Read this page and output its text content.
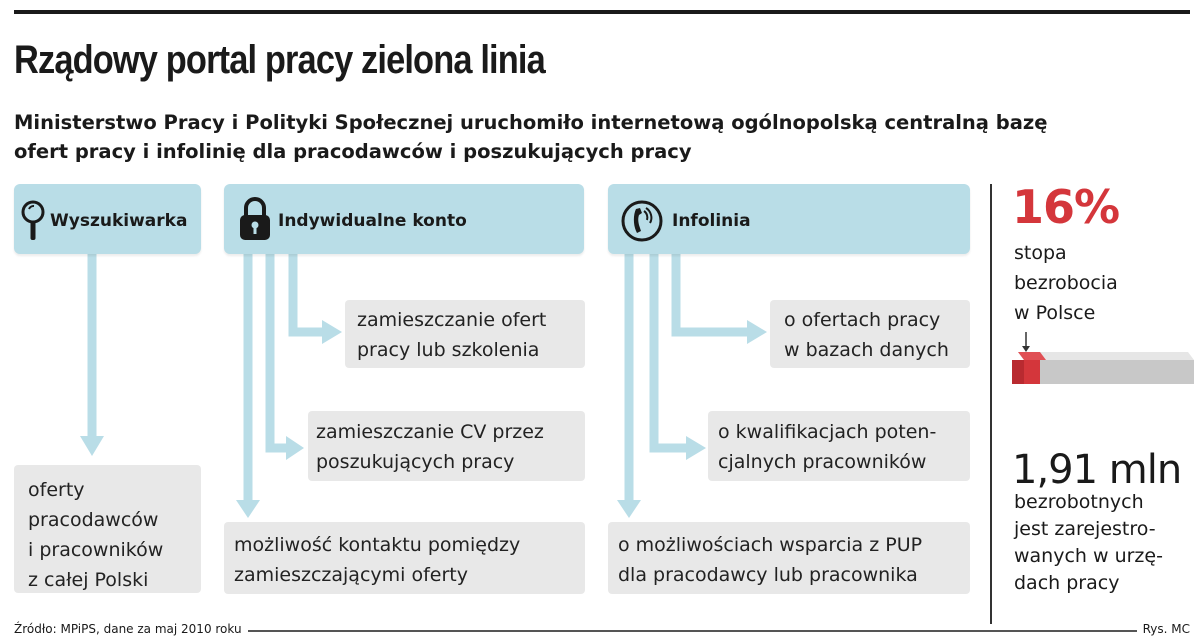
Rządowy portal pracy zielona linia
Ministerstwo Pracy i Polityki Społecznej uruchomiło internetową ogólnopolską centralną bazę
ofert pracy i infolinię dla pracodawców i poszukujących pracy
Wyszukiwarka	Indywidualne konto	Infolinia
oferty
pracodawców
i pracowników
z całej Polski
zamieszczanie ofert
pracy lub szkolenia
zamieszczanie CV przez
poszukujących pracy
możliwość kontaktu pomiędzy
zamieszczającymi oferty
o ofertach pracy
w bazach danych
o kwalifikacjach poten-
cjalnych pracowników
o możliwościach wsparcia z PUP
dla pracodawcy lub pracownika
16%
stopa
bezrobocia
w Polsce
1,91 mln
bezrobotnych
jest zarejestro-
wanych w urzę-
dach pracy
Źródło: MPiPS, dane za maj 2010 roku	Rys. MC
